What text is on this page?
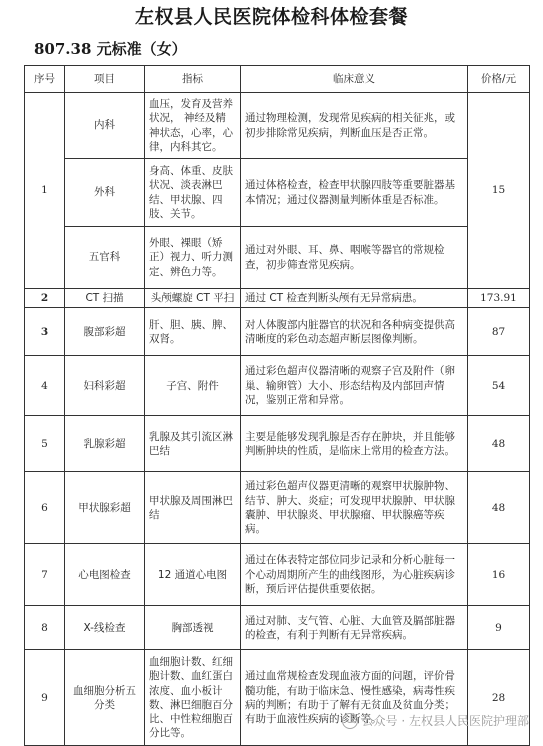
左权县人民医院体检科体检套餐
807.38 元标准（女）
序号	项目	指标	临床意义	价格/元
1	内科	血压，发育及营养状况， 神经及精神状态，心率，心律，内科其它。	通过物理检测，发现常见疾病的相关征兆，或初步排除常见疾病，判断血压是否正常。	15
	外科	身高、体重、皮肤状况、淡表淋巴结、甲状腺、四肢、关节。	通过体格检查，检查甲状腺四肢等重要脏器基本情况；通过仪器测量判断体重是否标准。	
	五官科	外眼、裸眼（矫正）视力、听力测定、辨色力等。	通过对外眼、耳、鼻、咽喉等器官的常规检查，初步筛查常见疾病。	
2	CT 扫描	头颅螺旋 CT 平扫	通过 CT 检查判断头颅有无异常病患。	173.91
3	腹部彩超	肝、胆、胰、脾、双肾。	对人体腹部内脏器官的状况和各种病变提供高清晰度的彩色动态超声断层图像判断。	87
4	妇科彩超	子宫、附件	通过彩色超声仪器清晰的观察子宫及附件（卵巢、输卵管）大小、形态结构及内部回声情况，鉴别正常和异常。	54
5	乳腺彩超	乳腺及其引流区淋巴结	主要是能够发现乳腺是否存在肿块，并且能够判断肿块的性质，是临床上常用的检查方法。	48
6	甲状腺彩超	甲状腺及周围淋巴结	通过彩色超声仪器更清晰的观察甲状腺肿物、结节、肿大、炎症；可发现甲状腺肿、甲状腺囊肿、甲状腺炎、甲状腺瘤、甲状腺癌等疾病。	48
7	心电图检查	12 通道心电图	通过在体表特定部位同步记录和分析心脏每一个心动周期所产生的曲线图形，为心脏疾病诊断，预后评估提供重要依据。	16
8	X-线检查	胸部透视	通过对肺、支气管、心脏、大血管及膈部脏器的检查，有利于判断有无异常疾病。	9
9	血细胞分析五分类	血细胞计数、红细胞计数、血红蛋白浓度、血小板计数、淋巴细胞百分比、中性粒细胞百分比等。	通过血常规检查发现血液方面的问题，评价骨髓功能，有助于临床急、慢性感染，病毒性疾病的判断；有助于了解有无贫血及贫血分类；有助于血液性疾病的诊断等。	28
公众号 · 左权县人民医院护理部
